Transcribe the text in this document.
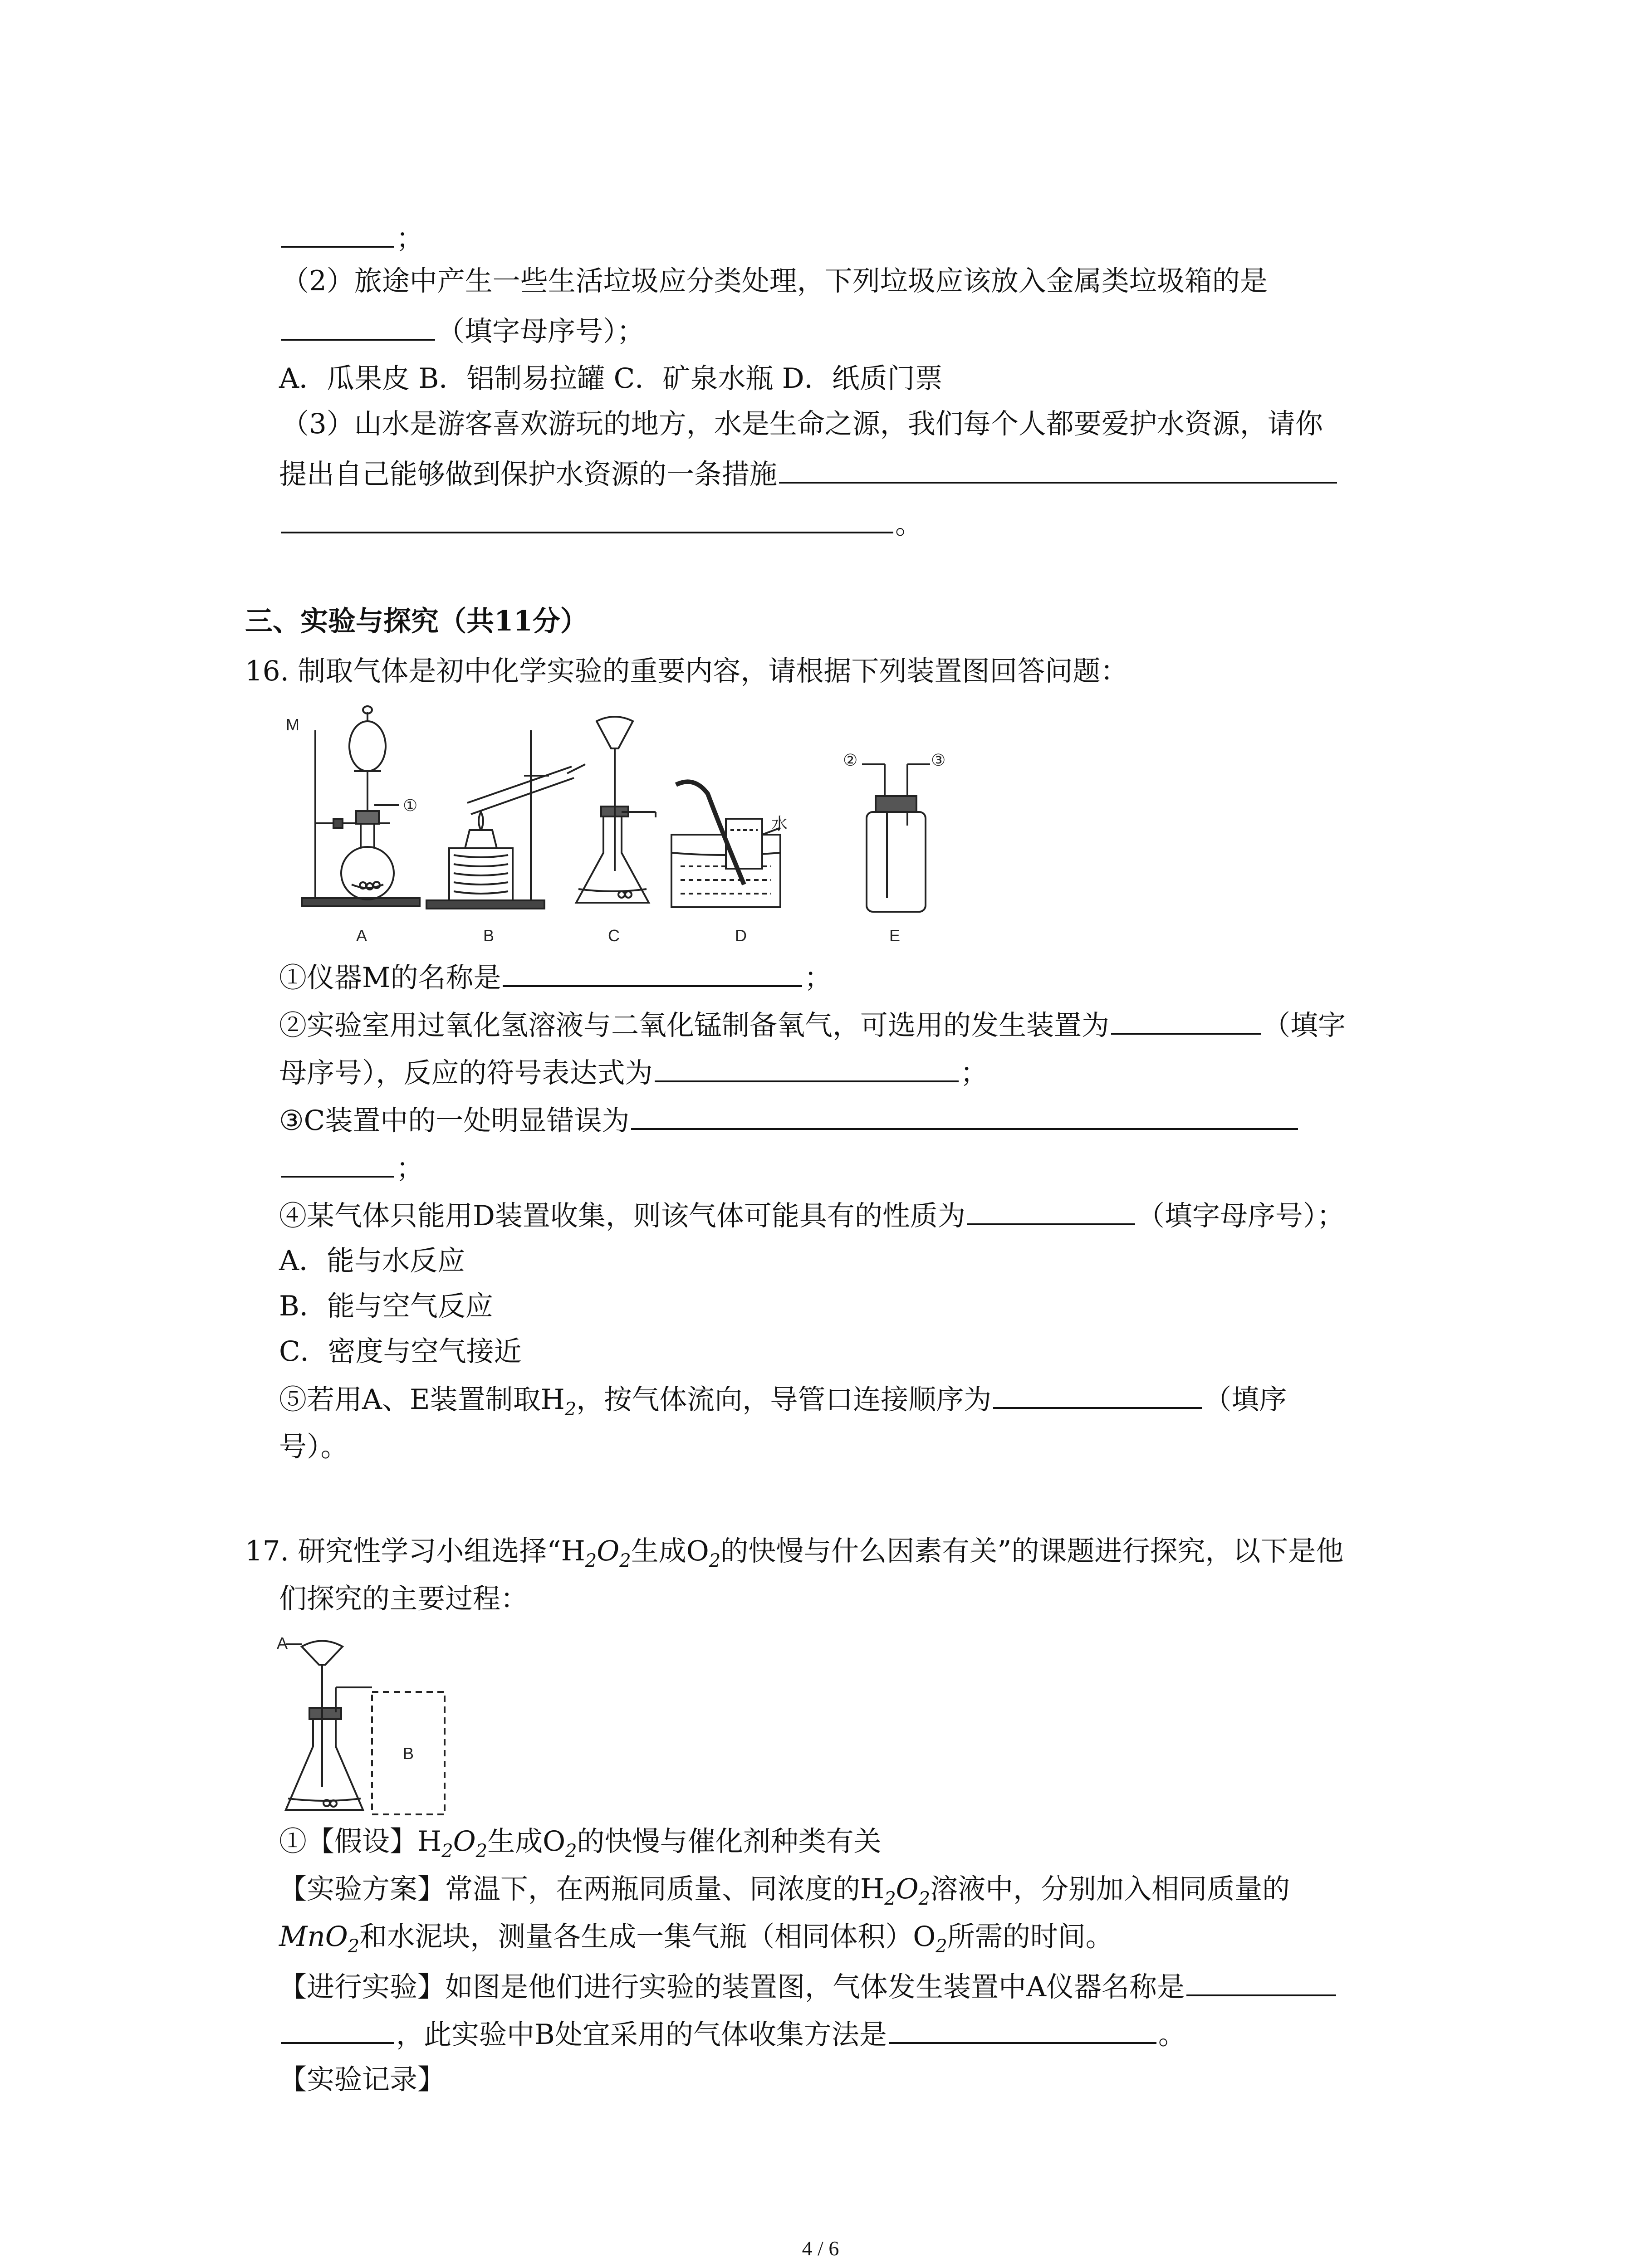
；
（2）旅途中产生一些生活垃圾应分类处理，下列垃圾应该放入金属类垃圾箱的是
（填字母序号）；
A．瓜果皮 B．铝制易拉罐 C．矿泉水瓶 D．纸质门票
（3）山水是游客喜欢游玩的地方，水是生命之源，我们每个人都要爱护水资源，请你
提出自己能够做到保护水资源的一条措施
。
三、实验与探究（共11分）
16. 制取气体是初中化学实验的重要内容，请根据下列装置图回答问题：
M
①
②	③
水
A	B	C	D	E
①仪器M的名称是	；
②实验室用过氧化氢溶液与二氧化锰制备氧气，可选用的发生装置为	（填字
母序号），反应的符号表达式为	；
③C装置中的一处明显错误为
；
④某气体只能用D装置收集，则该气体可能具有的性质为	（填字母序号）；
A．能与水反应
B．能与空气反应
C．密度与空气接近
⑤若用A、E装置制取$H_2$，按气体流向，导管口连接顺序为	（填序
号）。
17. 研究性学习小组选择“$H_2O_2$生成$O_2$的快慢与什么因素有关”的课题进行探究，以下是他
们探究的主要过程：
A
B
①【假设】$H_2O_2$生成$O_2$的快慢与催化剂种类有关
【实验方案】常温下，在两瓶同质量、同浓度的$H_2O_2$溶液中，分别加入相同质量的
MnO$_2$和水泥块，测量各生成一集气瓶（相同体积）$O_2$所需的时间。
【进行实验】如图是他们进行实验的装置图，气体发生装置中A仪器名称是
，此实验中B处宜采用的气体收集方法是	。
【实验记录】
4 / 6
